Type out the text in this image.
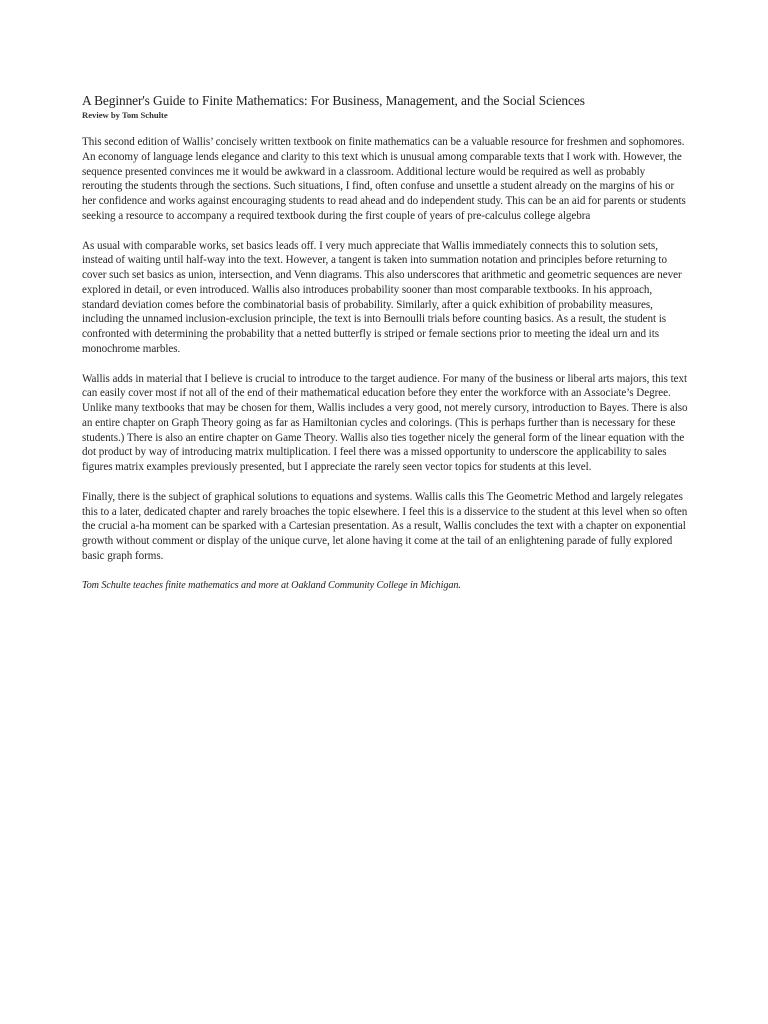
A Beginner's Guide to Finite Mathematics: For Business, Management, and the Social Sciences
Review by Tom Schulte

This second edition of Wallis’ concisely written textbook on finite mathematics can be a valuable resource for freshmen and sophomores. An economy of language lends elegance and clarity to this text which is unusual among comparable texts that I work with. However, the sequence presented convinces me it would be awkward in a classroom. Additional lecture would be required as well as probably rerouting the students through the sections. Such situations, I find, often confuse and unsettle a student already on the margins of his or her confidence and works against encouraging students to read ahead and do independent study. This can be an aid for parents or students seeking a resource to accompany a required textbook during the first couple of years of pre-calculus college algebra

As usual with comparable works, set basics leads off. I very much appreciate that Wallis immediately connects this to solution sets, instead of waiting until half-way into the text. However, a tangent is taken into summation notation and principles before returning to cover such set basics as union, intersection, and Venn diagrams. This also underscores that arithmetic and geometric sequences are never explored in detail, or even introduced. Wallis also introduces probability sooner than most comparable textbooks. In his approach, standard deviation comes before the combinatorial basis of probability. Similarly, after a quick exhibition of probability measures, including the unnamed inclusion-exclusion principle, the text is into Bernoulli trials before counting basics. As a result, the student is confronted with determining the probability that a netted butterfly is striped or female sections prior to meeting the ideal urn and its monochrome marbles.

Wallis adds in material that I believe is crucial to introduce to the target audience. For many of the business or liberal arts majors, this text can easily cover most if not all of the end of their mathematical education before they enter the workforce with an Associate’s Degree. Unlike many textbooks that may be chosen for them, Wallis includes a very good, not merely cursory, introduction to Bayes. There is also an entire chapter on Graph Theory going as far as Hamiltonian cycles and colorings. (This is perhaps further than is necessary for these students.) There is also an entire chapter on Game Theory. Wallis also ties together nicely the general form of the linear equation with the dot product by way of introducing matrix multiplication. I feel there was a missed opportunity to underscore the applicability to sales figures matrix examples previously presented, but I appreciate the rarely seen vector topics for students at this level.

Finally, there is the subject of graphical solutions to equations and systems. Wallis calls this The Geometric Method and largely relegates this to a later, dedicated chapter and rarely broaches the topic elsewhere. I feel this is a disservice to the student at this level when so often the crucial a-ha moment can be sparked with a Cartesian presentation. As a result, Wallis concludes the text with a chapter on exponential growth without comment or display of the unique curve, let alone having it come at the tail of an enlightening parade of fully explored basic graph forms.

Tom Schulte teaches finite mathematics and more at Oakland Community College in Michigan.
